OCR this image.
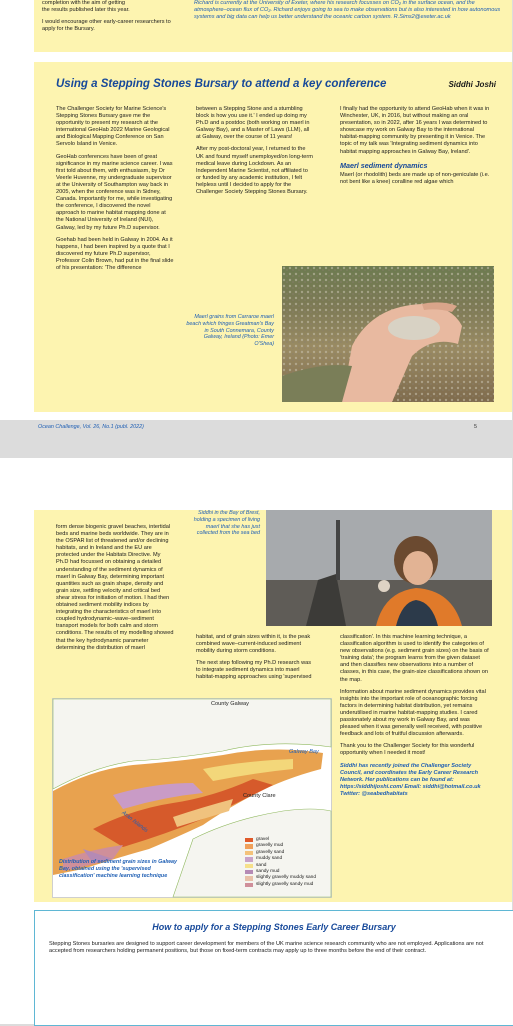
completion with the aim of getting
the results published later this year.
I would encourage other early-career researchers to apply for the Bursary.
Richard is currently at the University of Exeter, where his research focusses on CO₂ in the surface ocean, and the atmosphere–ocean flux of CO₂. Richard enjoys going to sea to make observations but is also interested in how autonomous systems and big data can help us better understand the oceanic carbon system. R.Sims2@exeter.ac.uk
Using a Stepping Stones Bursary to attend a key conference	Siddhi Joshi

The Challenger Society for Marine Science's Stepping Stones Bursary gave me the opportunity to present my research at the international GeoHab 2022 Marine Geological and Biological Mapping Conference on San Servolo Island in Venice.

GeoHab conferences have been of great significance in my marine science career. I was first told about them, with enthusiasm, by Dr Veerle Huvenne, my undergraduate supervisor at the University of Southampton way back in 2005, when the conference was in Sidney, Canada. Importantly for me, while investigating the conference, I discovered the novel approach to marine habitat mapping done at the National University of Ireland (NUI), Galway, led by my future Ph.D supervisor.

Goehab had been held in Galway in 2004. As it happens, I had been inspired by a quote that I discovered my future Ph.D supervisor, Professor Colin Brown, had put in the final slide of his presentation: 'The difference

between a Stepping Stone and a stumbling block is how you use it.' I ended up doing my Ph.D and a postdoc (both working on maerl in Galway Bay), and a Master of Laws (LLM), all at Galway, over the course of 11 years!

After my post-doctoral year, I returned to the UK and found myself unemployed/on long-term medical leave during Lockdown. As an Independent Marine Scientist, not affiliated to or funded by any academic institution, I felt helpless until I decided to apply for the Challenger Society Stepping Stones Bursary.

I finally had the opportunity to attend GeoHab when it was in Winchester, UK, in 2016, but without making an oral presentation, so in 2022, after 16 years I was determined to showcase my work on Galway Bay to the international habitat-mapping community by presenting it in Venice. The topic of my talk was 'Integrating sediment dynamics into habitat mapping approaches in Galway Bay, Ireland'.

Maerl sediment dynamics

Maerl (or rhodolith) beds are made up of non-geniculate (i.e. not bent like a knee) coralline red algae which

Maerl grains from Carraroe maerl beach which fringes Greatman's Bay in South Connemara, County Galway, Ireland (Photo: Emer O'Shea)
Ocean Challenge, Vol. 26, No.1 (publ. 2022)	5

form dense biogenic gravel beaches, intertidal beds and marine beds worldwide. They are in the OSPAR list of threatened and/or declining habitats, and in Ireland and the EU are protected under the Habitats Directive. My Ph.D had focussed on obtaining a detailed understanding of the sediment dynamics of maerl in Galway Bay, determining important quantities such as grain shape, density and grain size, settling velocity and critical bed shear stress for initiation of motion. I had then obtained sediment mobility indices by integrating the characteristics of maerl into coupled hydrodynamic–wave–sediment transport models for both calm and storm conditions. The results of my modelling showed that the key hydrodynamic parameter determining the distribution of maerl

Siddhi in the Bay of Brest, holding a specimen of living maerl that she has just collected from the sea bed

habitat, and of grain sizes within it, is the peak combined wave–current-induced sediment mobility during storm conditions.

The next step following my Ph.D research was to integrate sediment dynamics into maerl habitat-mapping approaches using 'supervised

classification'. In this machine learning technique, a classification algorithm is used to identify the categories of new observations (e.g. sediment grain sizes) on the basis of 'training data'; the program learns from the given dataset and then classifies new observations into a number of classes, in this case, the grain-size classifications shown on the map.

Information about marine sediment dynamics provides vital insights into the important role of oceanographic forcing factors in determining habitat distribution, yet remains underutilised in marine habitat-mapping studies. I cared passionately about my work in Galway Bay, and was pleased when it was generally well received, with positive feedback and lots of fruitful discussion afterwards.

Thank you to the Challenger Society for this wonderful opportunity when I needed it most!

Siddhi has recently joined the Challenger Society Council, and coordinates the Early Career Research Network. Her publications can be found at: https://siddhijoshi.com/ Email: siddhi@hotmail.co.uk Twitter: @seabedhabitats

County Galway
Galway Bay
County Clare
Aran Islands
Distribution of sediment grain sizes in Galway Bay, obtained using the 'supervised classification' machine learning technique
gravel
gravelly mud
gravelly sand
muddy sand
sand
sandy mud
slightly gravelly muddy sand
slightly gravelly sandy mud
How to apply for a Stepping Stones Early Career Bursary

Stepping Stones bursaries are designed to support career development for members of the UK marine science research community who are not employed. Applications are not accepted from researchers holding permanent positions, but those on fixed-term contracts may apply up to three months before the end of their contract.
